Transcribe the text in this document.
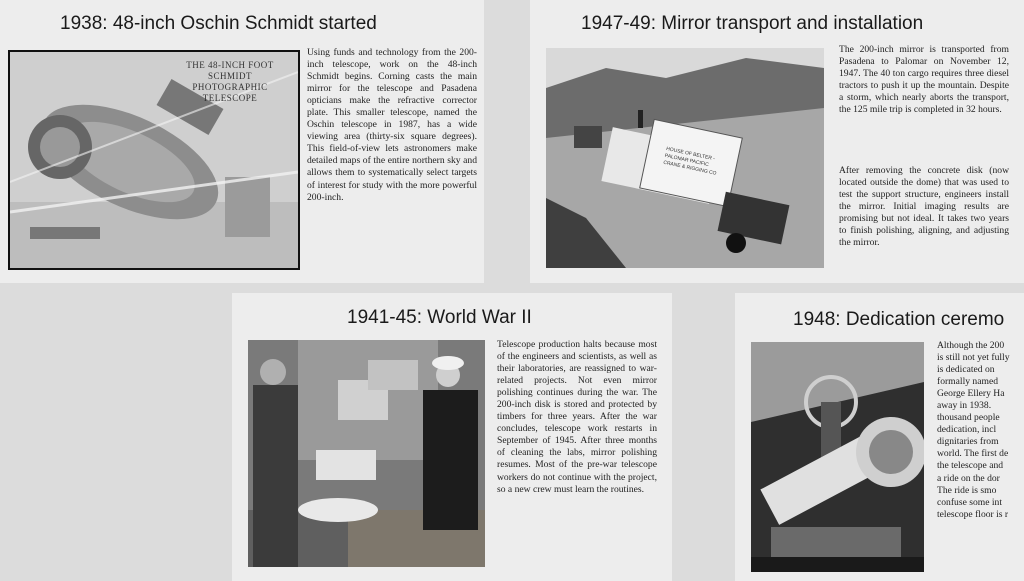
1938: 48-inch Oschin Schmidt started
THE 48-INCH FOOT SCHMIDT PHOTOGRAPHIC TELESCOPE

Using funds and technology from the 200-inch telescope, work on the 48-inch Schmidt begins. Corning casts the main mirror for the telescope and Pasadena opticians make the refractive corrector plate. This smaller telescope, named the Oschin telescope in 1987, has a wide viewing area (thirty-six square degrees). This field-of-view lets astronomers make detailed maps of the entire northern sky and allows them to systematically select targets of interest for study with the more powerful 200-inch.

1947-49: Mirror transport and installation
HOUSE OF BELTER - PALOMAR PACIFIC CRANE & RIGGING CO

The 200-inch mirror is transported from Pasadena to Palomar on November 12, 1947. The 40 ton cargo requires three diesel tractors to push it up the mountain. Despite a storm, which nearly aborts the transport, the 125 mile trip is completed in 32 hours.

After removing the concrete disk (now located outside the dome) that was used to test the support structure, engineers install the mirror. Initial imaging results are promising but not ideal. It takes two years to finish polishing, aligning, and adjusting the mirror.

1941-45: World War II

Telescope production halts because most of the engineers and scientists, as well as their laboratories, are reassigned to war-related projects. Not even mirror polishing continues during the war. The 200-inch disk is stored and protected by timbers for three years. After the war concludes, telescope work restarts in September of 1945. After three months of cleaning the labs, mirror polishing resumes. Most of the pre-war telescope workers do not continue with the project, so a new crew must learn the routines.

1948: Dedication ceremo
Although the 200
is still not yet fully
is dedicated on
formally named
George Ellery Ha
away in 1938.
thousand people
dedication, incl
dignitaries from
world. The first de
the telescope and
a ride on the dor
The ride is smo
confuse some int
telescope floor is r
